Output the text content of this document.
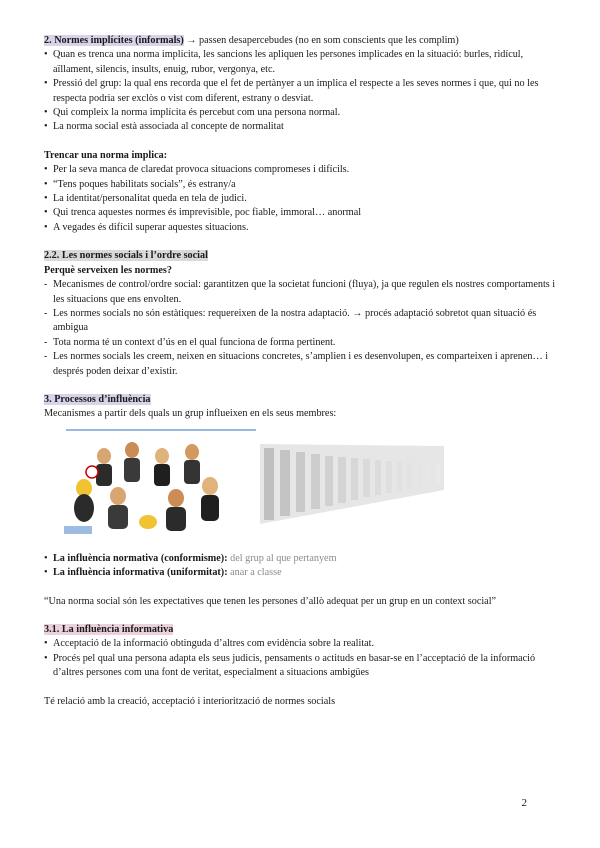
2. Normes implícites (informals) → passen desapercebudes (no en som conscients que les complim)

• Quan es trenca una norma implícita, les sancions les apliquen les persones implicades en la situació: burles, ridícul, aïllament, silencis, insults, enuig, rubor, vergonya, etc.

• Pressió del grup: la qual ens recorda que el fet de pertànyer a un implica el respecte a les seves normes i que, qui no les respecta podria ser exclòs o vist com diferent, estrany o desviat.

• Qui compleix la norma implícita és percebut com una persona normal.

• La norma social està associada al concepte de normalitat

Trencar una norma implica:

• Per la seva manca de claredat provoca situacions compromeses i difícils.

• “Tens poques habilitats socials”, és estrany/a

• La identitat/personalitat queda en tela de judici.

• Qui trenca aquestes normes és imprevisible, poc fiable, immoral… anormal

• A vegades és difícil superar aquestes situacions.

2.2. Les normes socials i l’ordre social

Perquè serveixen les normes?

- Mecanismes de control/ordre social: garantitzen que la societat funcioni (fluya), ja que regulen els nostres comportaments i les situacions que ens envolten.

- Les normes socials no són estàtiques: requereixen de la nostra adaptació. → procés adaptació sobretot quan situació és ambigua

- Tota norma té un context d’ús en el qual funciona de forma pertinent.

- Les normes socials les creem, neixen en situacions concretes, s’amplien i es desenvolupen, es comparteixen i aprenen… i després poden deixar d’existir.

3. Processos d’influència

Mecanismes a partir dels quals un grup influeixen en els seus membres:

• La influència normativa (conformisme): del grup al que pertanyem

• La influència informativa (uniformitat): anar a classe

“Una norma social són les expectatives que tenen les persones d’allò adequat per un grup en un context social”

3.1. La influència informativa

• Acceptació de la informació obtinguda d’altres com evidència sobre la realitat.

• Procés pel qual una persona adapta els seus judicis, pensaments o actituds en basar-se en l’acceptació de la informació d’altres persones com una font de veritat, especialment a situacions ambigües

Té relació amb la creació, acceptació i interiorització de normes socials

2
